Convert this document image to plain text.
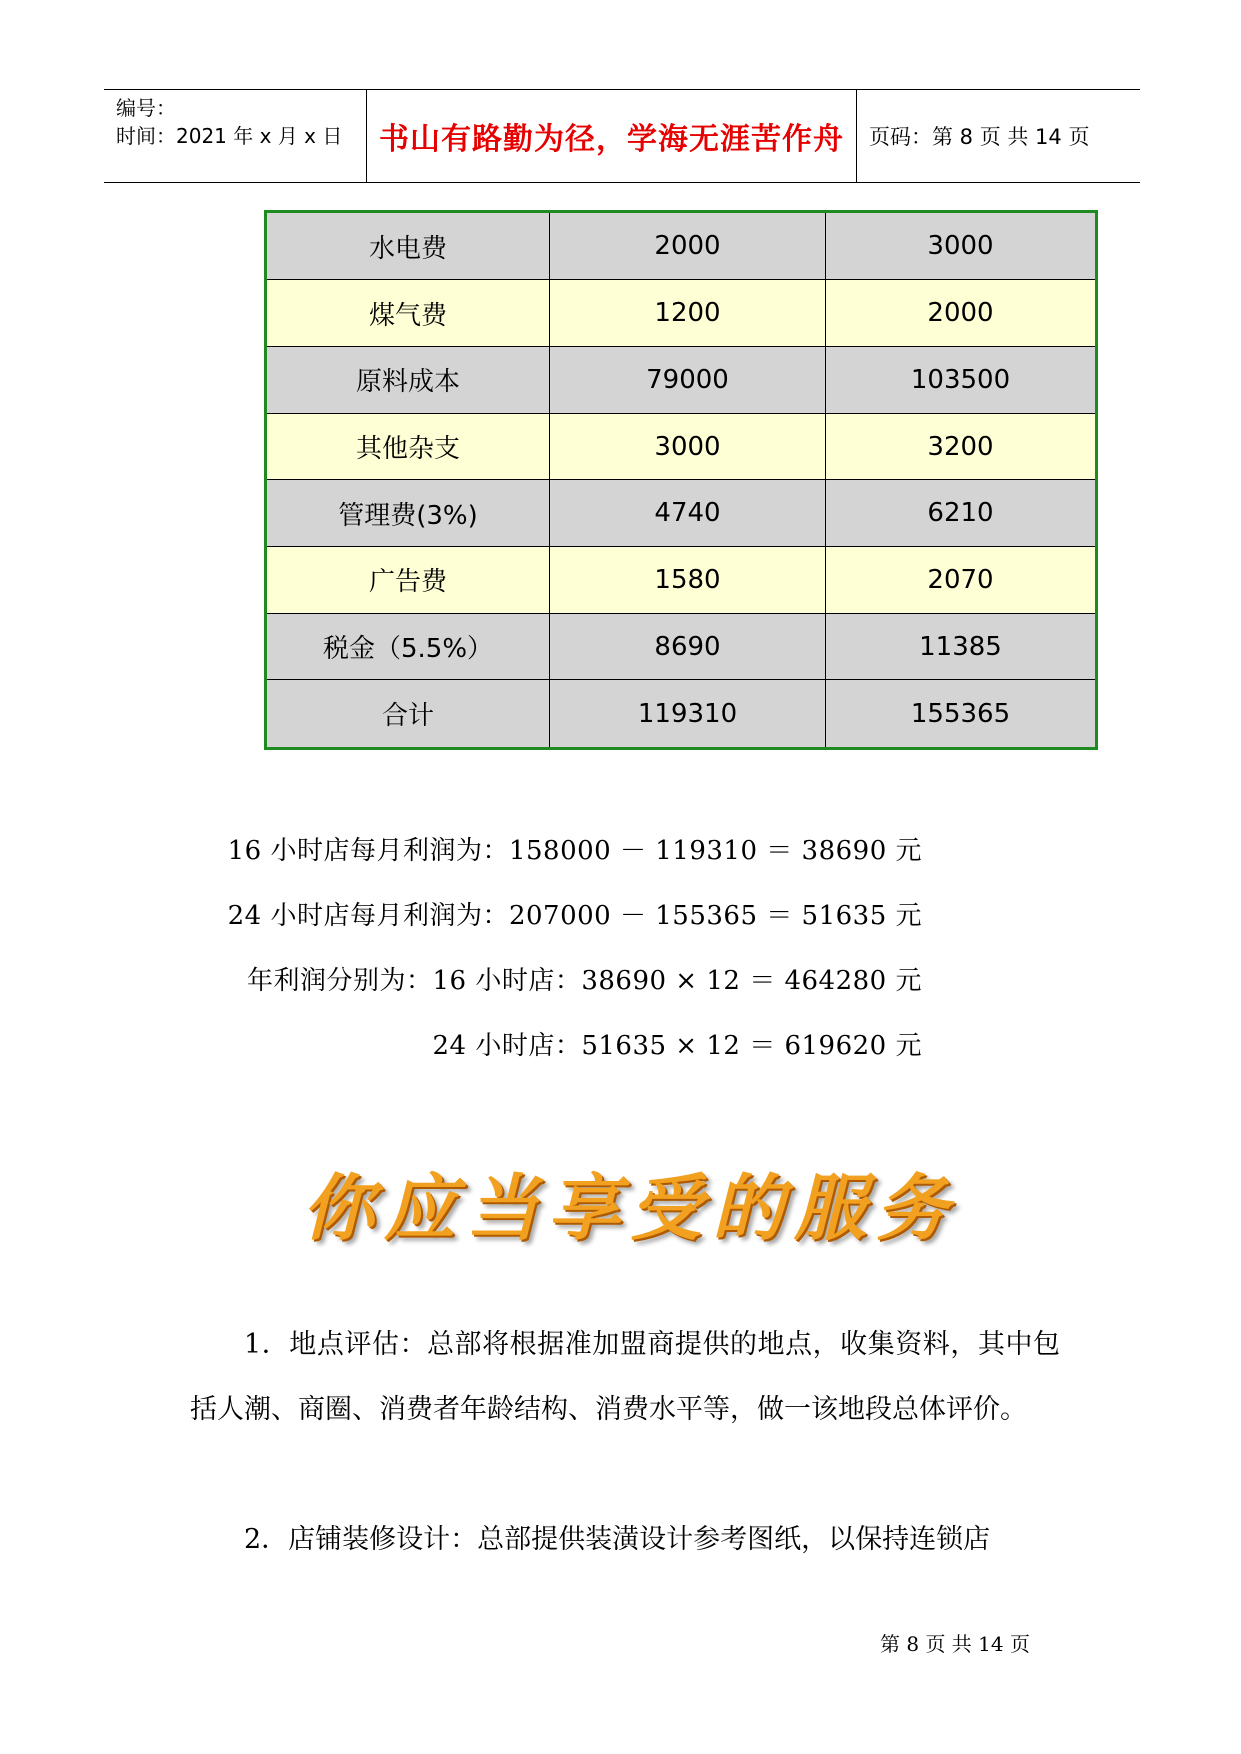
编号：
时间：2021 年 x 月 x 日	书山有路勤为径，学海无涯苦作舟	页码：第 8 页 共 14 页
水电费	2000	3000
煤气费	1200	2000
原料成本	79000	103500
其他杂支	3000	3200
管理费(3%)	4740	6210
广告费	1580	2070
税金（5.5%）	8690	11385
合计	119310	155365
16 小时店每月利润为：158000 － 119310 ＝ 38690 元
24 小时店每月利润为：207000 － 155365 ＝ 51635 元
年利润分别为：16 小时店：38690 × 12 ＝ 464280 元
24 小时店：51635 × 12 ＝ 619620 元
你应当享受的服务
1．地点评估：总部将根据准加盟商提供的地点，收集资料，其中包括人潮、商圈、消费者年龄结构、消费水平等，做一该地段总体评价。
2．店铺装修设计：总部提供装潢设计参考图纸，以保持连锁店
第 8 页 共 14 页
